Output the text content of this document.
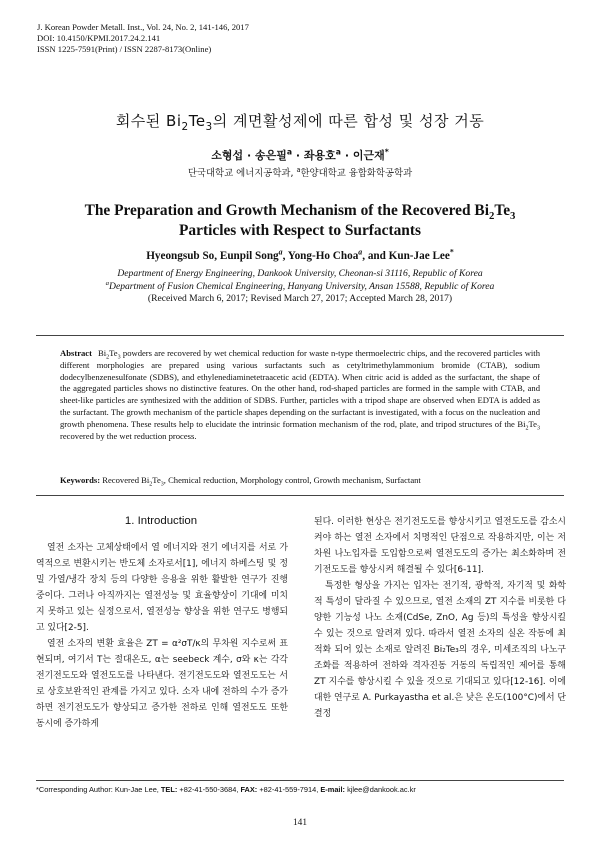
J. Korean Powder Metall. Inst., Vol. 24, No. 2, 141-146, 2017
DOI: 10.4150/KPMI.2017.24.2.141
ISSN 1225-7591(Print) / ISSN 2287-8173(Online)
회수된 $Bi_2Te_3$의 계면활성제에 따른 합성 및 성장 거동
소형섭 · 송은필$^a$ · 좌용호$^a$ · 이근재*
단국대학교 에너지공학과, $^a$한양대학교 융합화학공학과
The Preparation and Growth Mechanism of the Recovered $Bi_2Te_3$
Particles with Respect to Surfactants
Hyeongsub So, Eunpil Song$^a$, Yong-Ho Choa$^a$, and Kun-Jae Lee*
Department of Energy Engineering, Dankook University, Cheonan-si 31116, Republic of Korea
$^a$Department of Fusion Chemical Engineering, Hanyang University, Ansan 15588, Republic of Korea
(Received March 6, 2017; Revised March 27, 2017; Accepted March 28, 2017)
Abstract $Bi_2Te_3$ powders are recovered by wet chemical reduction for waste n-type thermoelectric chips, and the recovered particles with different morphologies are prepared using various surfactants such as cetyltrimethylammonium bromide (CTAB), sodium dodecylbenzenesulfonate (SDBS), and ethylenediaminetetraacetic acid (EDTA). When citric acid is added as the surfactant, the shape of the aggregated particles shows no distinctive features. On the other hand, rod-shaped particles are formed in the sample with CTAB, and sheet-like particles are synthesized with the addition of SDBS. Further, particles with a tripod shape are observed when EDTA is added as the surfactant. The growth mechanism of the particle shapes depending on the surfactant is investigated, with a focus on the nucleation and growth phenomena. These results help to elucidate the intrinsic formation mechanism of the rod, plate, and tripod structures of the $Bi_2Te_3$ recovered by the wet reduction process.
Keywords: Recovered $Bi_2Te_3$, Chemical reduction, Morphology control, Growth mechanism, Surfactant
1. Introduction

열전 소자는 고체상태에서 열 에너지와 전기 에너지를 서로 가역적으로 변환시키는 반도체 소자로서[1], 에너지 하베스팅 및 정밀 가열/냉각 장치 등의 다양한 응용을 위한 활발한 연구가 진행 중이다. 그러나 아직까지는 열전성능 및 효율향상이 기대에 미치지 못하고 있는 실정으로서, 열전성능 향상을 위한 연구도 병행되고 있다[2-5].

열전 소자의 변환 효율은 ZT = α²σT/κ의 무차원 지수로써 표현되며, 여기서 T는 절대온도, α는 seebeck 계수, σ와 κ는 각각 전기전도도와 열전도도를 나타낸다. 전기전도도와 열전도도는 서로 상호보완적인 관계를 가지고 있다. 소자 내에 전하의 수가 증가하면 전기전도도가 향상되고 증가한 전하로 인해 열전도도 또한 동시에 증가하게

된다. 이러한 현상은 전기전도도를 향상시키고 열전도도를 감소시켜야 하는 열전 소자에서 치명적인 단점으로 작용하지만, 이는 저차원 나노입자를 도입함으로써 열전도도의 증가는 최소화하며 전기전도도를 향상시켜 해결될 수 있다[6-11].

특정한 형상을 가지는 입자는 전기적, 광학적, 자기적 및 화학적 특성이 달라질 수 있으므로, 열전 소재의 ZT 지수를 비롯한 다양한 기능성 나노 소재(CdSe, ZnO, Ag 등)의 특성을 향상시킬 수 있는 것으로 알려져 있다. 따라서 열전 소자의 실온 작동에 최적화 되어 있는 소재로 알려진 Bi₂Te₃의 경우, 미세조직의 나노구조화를 적용하여 전하와 격자진동 거동의 독립적인 제어를 통해 ZT 지수를 향상시킬 수 있을 것으로 기대되고 있다[12-16]. 이에 대한 연구로 A. Purkayastha et al.은 낮은 온도(100°C)에서 단결정

*Corresponding Author: Kun-Jae Lee, TEL: +82-41-550-3684, FAX: +82-41-559-7914, E-mail: kjlee@dankook.ac.kr
141
